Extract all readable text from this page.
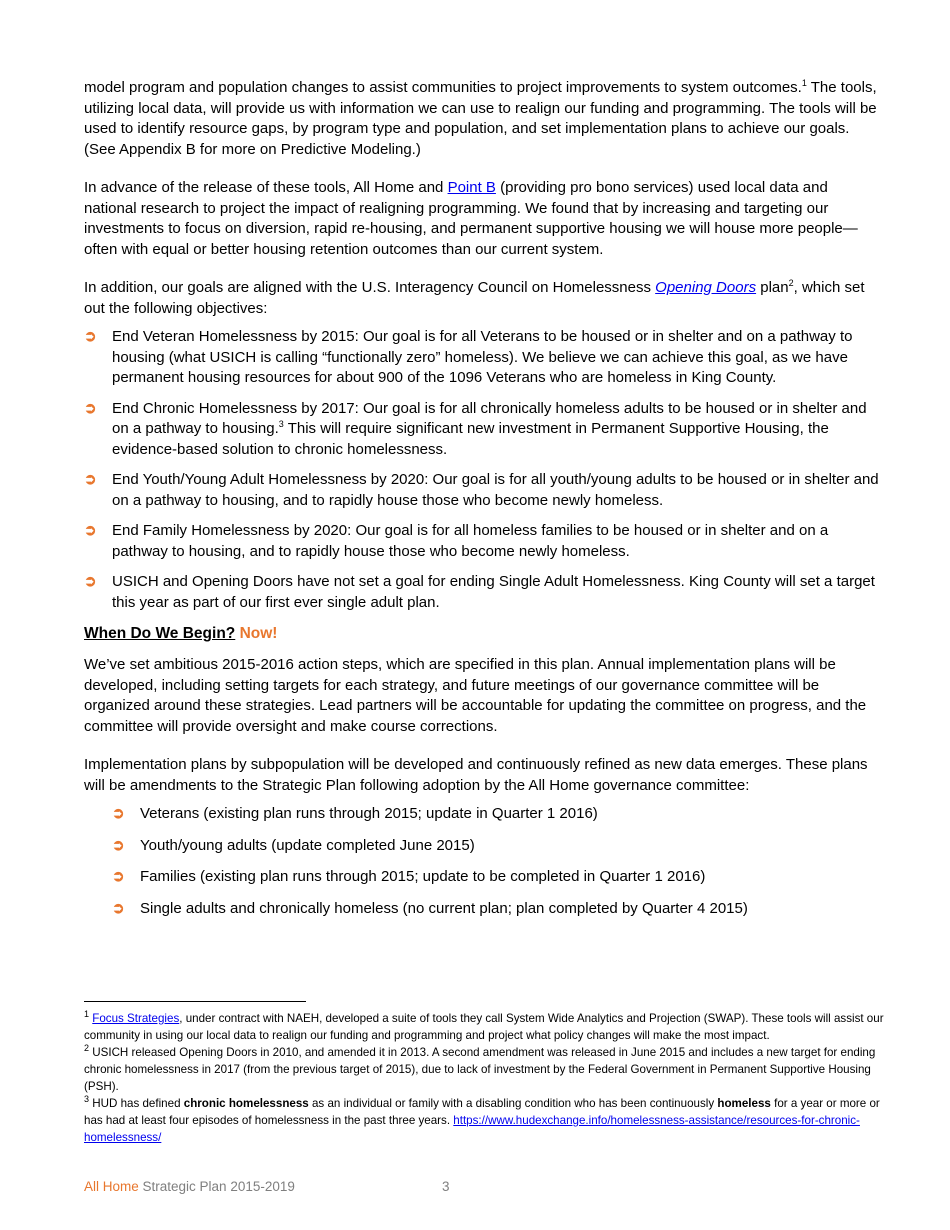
model program and population changes to assist communities to project improvements to system outcomes.$^1$ The tools, utilizing local data, will provide us with information we can use to realign our funding and programming. The tools will be used to identify resource gaps, by program type and population, and set implementation plans to achieve our goals. (See Appendix B for more on Predictive Modeling.)

In advance of the release of these tools, All Home and Point B (providing pro bono services) used local data and national research to project the impact of realigning programming. We found that by increasing and targeting our investments to focus on diversion, rapid re-housing, and permanent supportive housing we will house more people—often with equal or better housing retention outcomes than our current system.

In addition, our goals are aligned with the U.S. Interagency Council on Homelessness Opening Doors plan$^2$, which set out the following objectives:

➲ End Veteran Homelessness by 2015: Our goal is for all Veterans to be housed or in shelter and on a pathway to housing (what USICH is calling “functionally zero” homeless). We believe we can achieve this goal, as we have permanent housing resources for about 900 of the 1096 Veterans who are homeless in King County.
➲ End Chronic Homelessness by 2017: Our goal is for all chronically homeless adults to be housed or in shelter and on a pathway to housing.$^3$ This will require significant new investment in Permanent Supportive Housing, the evidence-based solution to chronic homelessness.
➲ End Youth/Young Adult Homelessness by 2020: Our goal is for all youth/young adults to be housed or in shelter and on a pathway to housing, and to rapidly house those who become newly homeless.
➲ End Family Homelessness by 2020: Our goal is for all homeless families to be housed or in shelter and on a pathway to housing, and to rapidly house those who become newly homeless.
➲ USICH and Opening Doors have not set a goal for ending Single Adult Homelessness. King County will set a target this year as part of our first ever single adult plan.
When Do We Begin? Now!

We’ve set ambitious 2015-2016 action steps, which are specified in this plan. Annual implementation plans will be developed, including setting targets for each strategy, and future meetings of our governance committee will be organized around these strategies. Lead partners will be accountable for updating the committee on progress, and the committee will provide oversight and make course corrections.

Implementation plans by subpopulation will be developed and continuously refined as new data emerges. These plans will be amendments to the Strategic Plan following adoption by the All Home governance committee:

➲ Veterans (existing plan runs through 2015; update in Quarter 1 2016)
➲ Youth/young adults (update completed June 2015)
➲ Families (existing plan runs through 2015; update to be completed in Quarter 1 2016)
➲ Single adults and chronically homeless (no current plan; plan completed by Quarter 4 2015)

$^1$ Focus Strategies, under contract with NAEH, developed a suite of tools they call System Wide Analytics and Projection (SWAP). These tools will assist our community in using our local data to realign our funding and programming and project what policy changes will make the most impact.

$^2$ USICH released Opening Doors in 2010, and amended it in 2013. A second amendment was released in June 2015 and includes a new target for ending chronic homelessness in 2017 (from the previous target of 2015), due to lack of investment by the Federal Government in Permanent Supportive Housing (PSH).

$^3$ HUD has defined chronic homelessness as an individual or family with a disabling condition who has been continuously homeless for a year or more or has had at least four episodes of homelessness in the past three years. https://www.hudexchange.info/homelessness-assistance/resources-for-chronic-homelessness/

All Home Strategic Plan 2015-2019	3
